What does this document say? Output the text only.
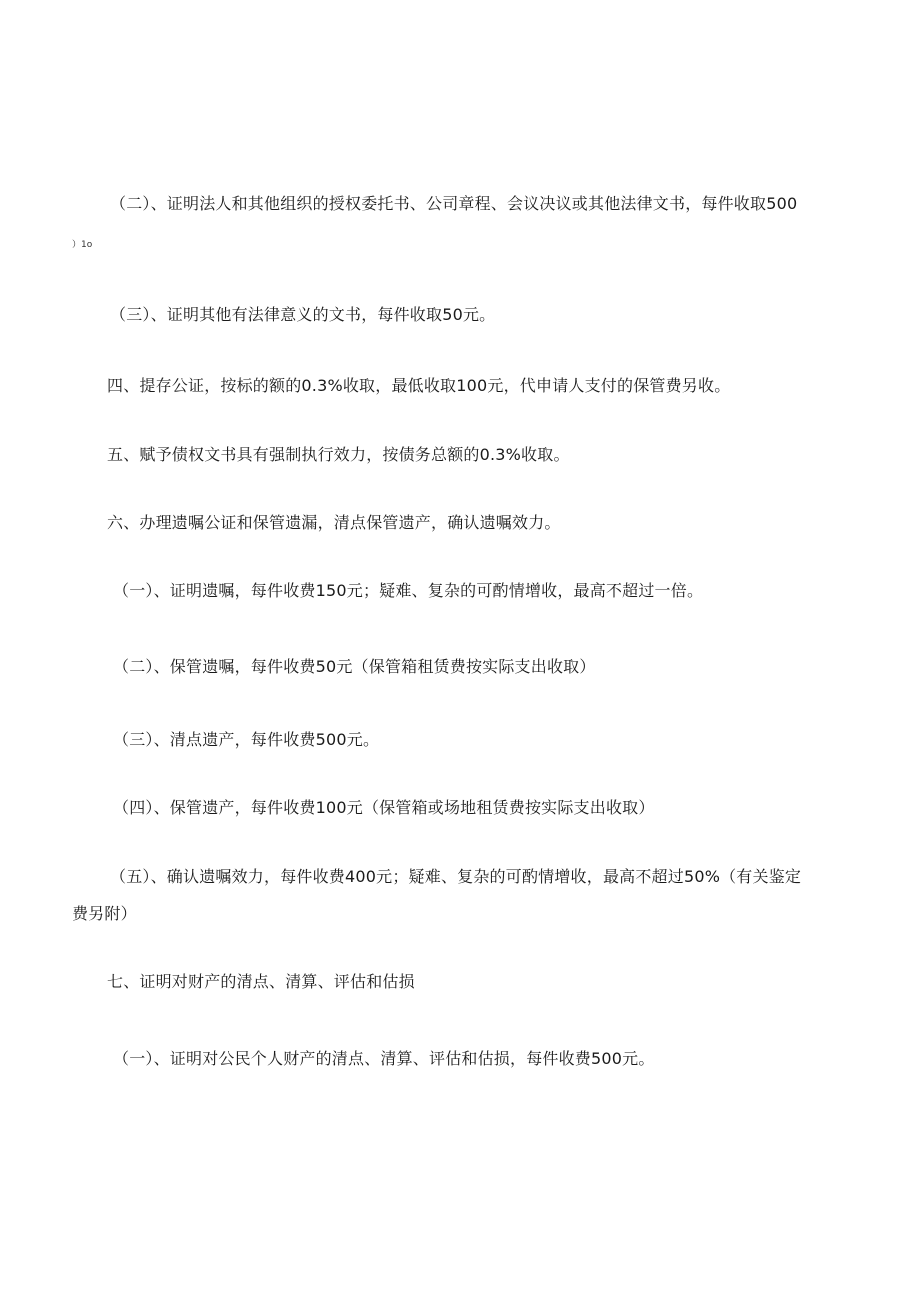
（二）、证明法人和其他组织的授权委托书、公司章程、会议决议或其他法律文书，每件收取500
）1o
（三）、证明其他有法律意义的文书，每件收取50元。
四、提存公证，按标的额的0.3%收取，最低收取100元，代申请人支付的保管费另收。
五、赋予债权文书具有强制执行效力，按债务总额的0.3%收取。
六、办理遗嘱公证和保管遗漏，清点保管遗产，确认遗嘱效力。
（一）、证明遗嘱，每件收费150元；疑难、复杂的可酌情增收，最高不超过一倍。
（二）、保管遗嘱，每件收费50元（保管箱租赁费按实际支出收取）
（三）、清点遗产，每件收费500元。
（四）、保管遗产，每件收费100元（保管箱或场地租赁费按实际支出收取）
（五）、确认遗嘱效力，每件收费400元；疑难、复杂的可酌情增收，最高不超过50%（有关鉴定
费另附）
七、证明对财产的清点、清算、评估和估损
（一）、证明对公民个人财产的清点、清算、评估和估损，每件收费500元。
